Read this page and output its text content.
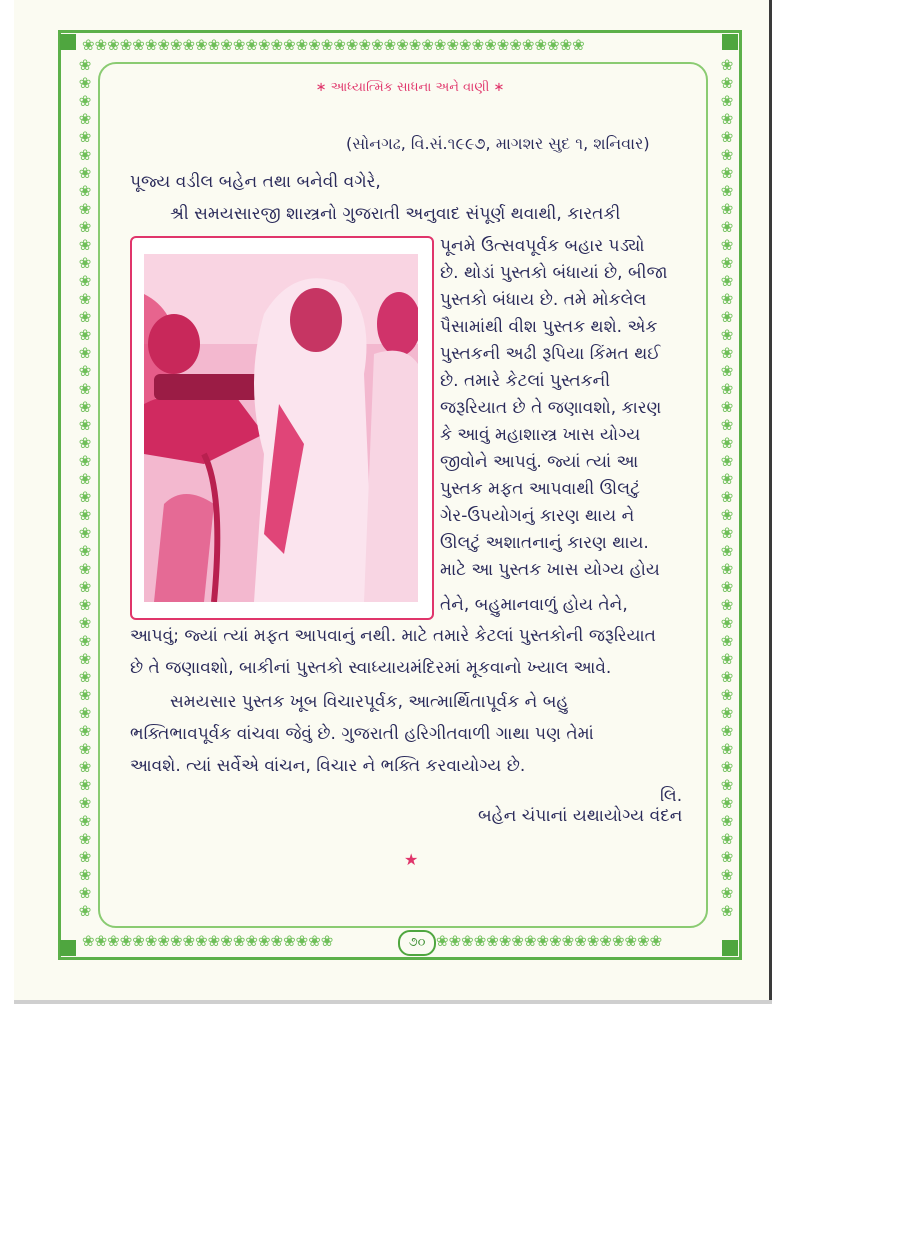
❀❀❀❀❀❀❀❀❀❀❀❀❀❀❀❀❀❀❀❀❀❀❀❀❀❀❀❀❀❀❀❀❀❀❀❀❀❀❀❀
❀❀❀❀❀❀❀❀❀❀❀❀❀❀❀❀❀❀❀❀	❀❀❀❀❀❀❀❀❀❀❀❀❀❀❀❀❀❀
❀❀❀❀❀❀❀❀❀❀❀❀❀❀❀❀❀❀❀❀❀❀❀❀❀❀❀❀❀❀❀❀❀❀❀❀❀❀❀❀❀❀❀❀❀❀❀❀
❀❀❀❀❀❀❀❀❀❀❀❀❀❀❀❀❀❀❀❀❀❀❀❀❀❀❀❀❀❀❀❀❀❀❀❀❀❀❀❀❀❀❀❀❀❀❀❀
∗ આધ્યાત્મિક સાધના અને વાણી ∗
(સોનગઢ, વિ.સં.૧૯૯૭, માગશર સુદ ૧, શનિવાર)
પૂજ્ય વડીલ બહેન તથા બનેવી વગેરે,
શ્રી સમયસારજી શાસ્ત્રનો ગુજરાતી અનુવાદ સંપૂર્ણ થવાથી, કારતકી
પૂનમે ઉત્સવપૂર્વક બહાર પડ્યો
છે. થોડાં પુસ્તકો બંધાયાં છે, બીજા
પુસ્તકો બંધાય છે. તમે મોકલેલ
પૈસામાંથી વીશ પુસ્તક થશે. એક
પુસ્તકની અઢી રૂપિયા કિંમત થઈ
છે. તમારે કેટલાં પુસ્તકની
જરૂરિયાત છે તે જણાવશો, કારણ
કે આવું મહાશાસ્ત્ર ખાસ યોગ્ય
જીવોને આપવું. જ્યાં ત્યાં આ
પુસ્તક મફત આપવાથી ઊલટું
ગેર-ઉપયોગનું કારણ થાય ને
ઊલટું અશાતનાનું કારણ થાય.
માટે આ પુસ્તક ખાસ યોગ્ય હોય
તેને, બહુમાનવાળું હોય તેને,
આપવું; જ્યાં ત્યાં મફત આપવાનું નથી. માટે તમારે કેટલાં પુસ્તકોની જરૂરિયાત
છે તે જણાવશો, બાકીનાં પુસ્તકો સ્વાધ્યાયમંદિરમાં મૂકવાનો ખ્યાલ આવે.
સમયસાર પુસ્તક ખૂબ વિચારપૂર્વક, આત્માર્થિતાપૂર્વક ને બહુ
ભક્તિભાવપૂર્વક વાંચવા જેવું છે. ગુજરાતી હરિગીતવાળી ગાથા પણ તેમાં
આવશે. ત્યાં સર્વેએ વાંચન, વિચાર ને ભક્તિ કરવાયોગ્ય છે.
લિ.
બહેન ચંપાનાં યથાયોગ્ય વંદન
★
૭૦
